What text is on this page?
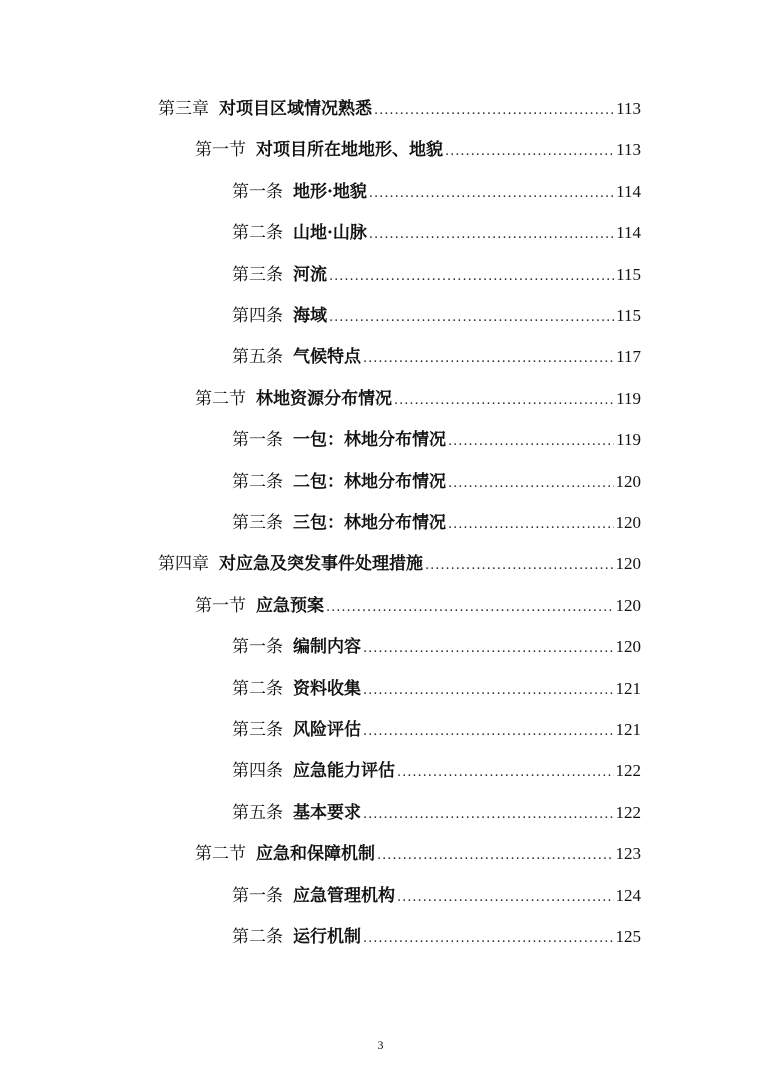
第三章 对项目区域情况熟悉 .....	113
第一节 对项目所在地地形、地貌 .....	113
第一条 地形·地貌 .....	114
第二条 山地·山脉 .....	114
第三条 河流 .....	115
第四条 海域 .....	115
第五条 气候特点 .....	117
第二节 林地资源分布情况 .....	119
第一条 一包：林地分布情况 .....	119
第二条 二包：林地分布情况 .....	120
第三条 三包：林地分布情况 .....	120
第四章 对应急及突发事件处理措施 .....	120
第一节 应急预案 .....	120
第一条 编制内容 .....	120
第二条 资料收集 .....	121
第三条 风险评估 .....	121
第四条 应急能力评估 .....	122
第五条 基本要求 .....	122
第二节 应急和保障机制 .....	123
第一条 应急管理机构 .....	124
第二条 运行机制 .....	125
3
